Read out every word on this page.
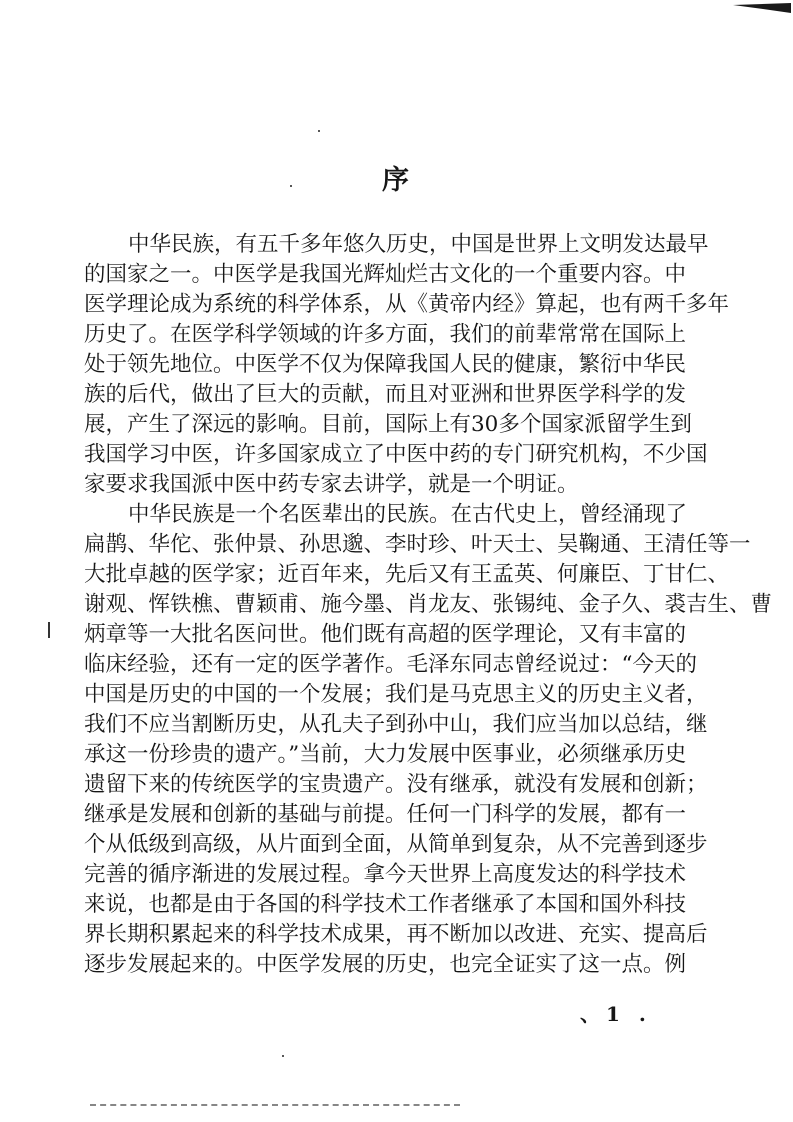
序
中华民族，有五千多年悠久历史，中国是世界上文明发达最早
的国家之一。中医学是我国光辉灿烂古文化的一个重要内容。中
医学理论成为系统的科学体系，从《黄帝内经》算起，也有两千多年
历史了。在医学科学领域的许多方面，我们的前辈常常在国际上
处于领先地位。中医学不仅为保障我国人民的健康，繁衍中华民
族的后代，做出了巨大的贡献，而且对亚洲和世界医学科学的发
展，产生了深远的影响。目前，国际上有30多个国家派留学生到
我国学习中医，许多国家成立了中医中药的专门研究机构，不少国
家要求我国派中医中药专家去讲学，就是一个明证。
中华民族是一个名医辈出的民族。在古代史上，曾经涌现了
扁鹊、华佗、张仲景、孙思邈、李时珍、叶天士、吴鞠通、王清任等一
大批卓越的医学家；近百年来，先后又有王孟英、何廉臣、丁甘仁、
谢观、恽铁樵、曹颖甫、施今墨、肖龙友、张锡纯、金子久、裘吉生、曹
炳章等一大批名医问世。他们既有高超的医学理论，又有丰富的
临床经验，还有一定的医学著作。毛泽东同志曾经说过：“今天的
中国是历史的中国的一个发展；我们是马克思主义的历史主义者，
我们不应当割断历史，从孔夫子到孙中山，我们应当加以总结，继
承这一份珍贵的遗产。”当前，大力发展中医事业，必须继承历史
遗留下来的传统医学的宝贵遗产。没有继承，就没有发展和创新；
继承是发展和创新的基础与前提。任何一门科学的发展，都有一
个从低级到高级，从片面到全面，从简单到复杂，从不完善到逐步
完善的循序渐进的发展过程。拿今天世界上高度发达的科学技术
来说，也都是由于各国的科学技术工作者继承了本国和国外科技
界长期积累起来的科学技术成果，再不断加以改进、充实、提高后
逐步发展起来的。中医学发展的历史，也完全证实了这一点。例
、1 .
